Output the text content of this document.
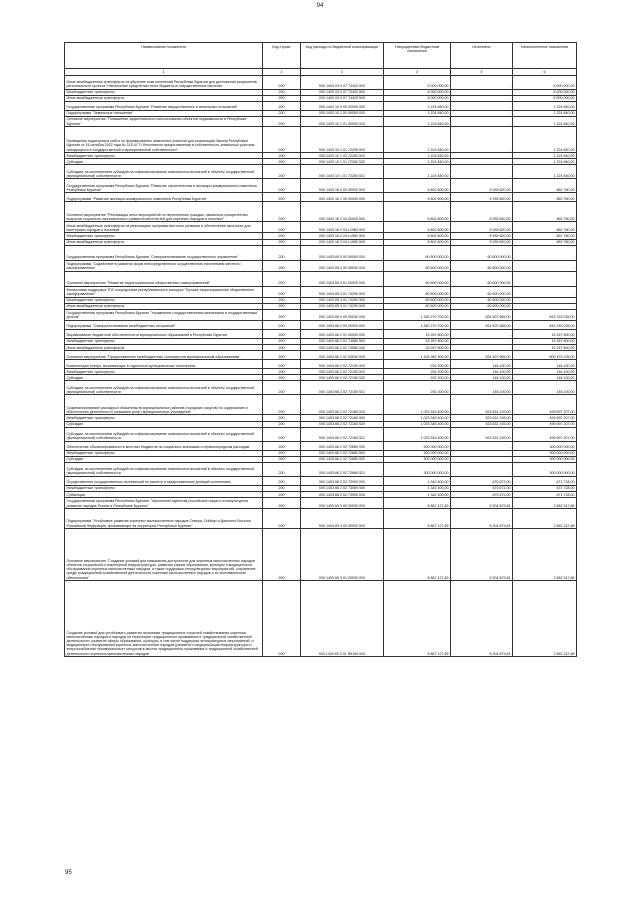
94
Наименование показателя	Код строки	Код расхода по бюджетной классификации	Утвержденные бюджетные назначения	Исполнено	Неисполненные назначения
1	2	3	4	5	6
Иные межбюджетные трансферты на обучение глав поселений Республики Бурятия для достижения результатов регионального проекта «Увеличение средств местного бюджета от имущественных налогов»	200	000 1403 03 0 07 74420 000	5 000 000,00	-	5 000 000,00
Межбюджетные трансферты	200	000 1403 03 0 07 74420 500	5 000 000,00	-	5 000 000,00
Иные межбюджетные трансферты	200	000 1403 03 0 07 74420 540	5 000 000,00	-	5 000 000,00
Государственная программа Республики Бурятия "Развитие имущественных и земельных отношений"	200	000 1403 10 0 00 00000 000	1 224 840,00	-	1 224 840,00
Подпрограмма "Земельные отношения"	200	000 1403 10 1 00 00000 000	1 224 840,00	-	1 224 840,00
Основное мероприятие "Повышение эффективности использования объектов недвижимости в Республике Бурятия"	200	000 1403 10 1 01 00000 000	1 224 840,00	-	1 224 840,00
Проведение кадастровых работ по формированию земельных участков для реализации Закона Республики Бурятия от 16 октября 2002 года № 115-III "О бесплатном предоставлении в собственность земельных участков, находящихся в государственной и муниципальной собственности"	200	000 1403 10 1 01 72250 000	1 224 840,00	-	1 224 840,00
Межбюджетные трансферты	200	000 1403 10 1 01 72250 500	1 224 840,00	-	1 224 840,00
Субсидии	200	000 1403 10 1 01 72250 520	1 224 840,00	-	1 224 840,00
Субсидии, за исключением субсидий на софинансирование капитальных вложений в объекты государственной (муниципальной) собственности	200	000 1403 10 1 01 72250 521	1 224 840,00	-	1 224 840,00
Государственная программа Республики Бурятия "Развитие строительства и жилищно-коммунального комплекса Республики Бурятия"	200	000 1403 16 0 00 00000 000	6 802 600,00	5 939 820,00	862 780,00
Подпрограмма "Развитие жилищно-коммунального комплекса Республики Бурятия"	200	000 1403 16 2 00 00000 000	6 802 600,00	5 939 820,00	862 780,00
Основное мероприятие "Реализация иных мероприятий по переселению граждан, связанных приоритетных вопросов социально-экономического развития местностей для коренных народов в поселках"	200	000 1403 16 2 04 00000 000	6 802 600,00	5 939 820,00	862 780,00
Иные межбюджетные трансферты на реализацию программ местного развития и обеспечение занятости для шахтерских городов и поселков	200	000 1403 16 2 04 L1560 000	6 802 600,00	5 939 820,00	862 780,00
Межбюджетные трансферты	200	000 1403 16 2 04 L1560 500	6 802 600,00	5 939 820,00	862 780,00
Иные межбюджетные трансферты	200	000 1403 16 2 04 L1560 540	6 802 600,00	5 939 820,00	862 780,00
Государственная программа Республики Бурятия "Совершенствование государственного управления"	200	000 1403 65 0 00 00000 000	60 600 000,00	60 600 000,00	-
Подпрограмма "Содействие в развитии форм непосредственного осуществления населением местного самоуправления"	200	000 1403 65 3 00 00000 000	60 600 000,00	60 600 000,00	-
Основное мероприятие "Развитие территориальных общественных самоуправлений"	200	000 1403 65 3 01 00000 000	60 600 000,00	60 600 000,00	-
Финансовая поддержка ТОС посредством республиканского конкурса "Лучшее территориальное общественное самоуправление"	200	000 1403 65 3 01 74290 000	60 600 000,00	60 600 000,00	-
Межбюджетные трансферты	200	000 1403 65 3 01 74290 500	60 600 000,00	60 600 000,00	-
Иные межбюджетные трансферты	200	000 1403 65 3 01 74290 540	60 600 000,00	60 600 000,00	-
Государственная программа Республики Бурятия "Управление государственными финансами и государственным долгом"	200	000 1403 66 0 00 00000 000	1 340 270 700,00	524 507 665,00	815 763 035,00
Подпрограмма "Совершенствование межбюджетных отношений"	200	000 1403 66 2 00 00000 000	1 340 270 700,00	524 507 665,00	815 763 035,00
Выравнивание бюджетной обеспеченности муниципальных образований в Республике Бурятия	200	000 1403 66 2 01 00000 000	15 267 800,00	-	15 267 800,00
Межбюджетные трансферты	200	000 1403 66 2 01 74580 500	15 267 800,00	-	15 267 800,00
Иные межбюджетные трансферты	200	000 1403 66 2 01 74580 540	15 267 800,00	-	15 267 800,00
Основное мероприятие "Предоставление межбюджетных трансфертов муниципальным образованиям"	200	000 1403 66 2 02 00000 000	1 324 982 900,00	524 507 665,00	800 475 235,00
Компенсация потерь, возникающих в отдельных муниципальных поселениях	200	000 1403 66 2 02 72150 000	292 200,00	146 100,00	146 100,00
Межбюджетные трансферты	200	000 1403 66 2 02 72150 500	292 200,00	146 100,00	146 100,00
Субсидии	200	000 1403 66 2 02 72150 520	292 200,00	146 100,00	146 100,00
Субсидии, за исключением субсидий на софинансирование капитальных вложений в объекты государственной (муниципальной) собственности	200	000 1403 66 2 02 72150 521	292 200,00	146 100,00	146 100,00
Софинансирование расходных обязательств муниципальных районов (городских округов) по содержанию и обеспечению деятельности (оказанию услуг) муниципальных учреждений	200	000 1403 66 2 02 72160 000	1 023 345 400,00	523 631 193,00	499 697 207,00
Межбюджетные трансферты	200	000 1403 66 2 02 72160 500	1 023 345 400,00	523 631 193,00	499 697 207,00
Субсидии	200	000 1403 66 2 02 72160 520	1 023 345 400,00	523 631 193,00	499 697 207,00
Субсидии, за исключением субсидий на софинансирование капитальных вложений в объекты государственной (муниципальной) собственности	200	000 1403 66 2 02 72160 521	1 023 345 400,00	523 631 193,00	499 697 207,00
Обеспечение сбалансированности местных бюджетов по социально-значимым и первоочередным расходам	200	000 1403 66 2 02 72880 000	300 000 000,00	-	300 000 000,00
Межбюджетные трансферты	200	000 1403 66 2 02 72880 500	300 000 000,00	-	300 000 000,00
Субсидии	200	000 1403 66 2 02 72880 520	300 000 000,00	-	300 000 000,00
Субсидии, за исключением субсидий на софинансирование капитальных вложений в объекты государственной (муниципальной) собственности	200	000 1403 66 2 02 72880 521	300 000 000,00	-	300 000 000,00
Осуществление государственных полномочий по расчету и предоставлению дотаций поселениям	200	000 1403 66 2 02 73090 000	1 342 400,00	670 672,00	671 728,00
Межбюджетные трансферты	200	000 1403 66 2 02 73090 500	1 342 400,00	670 672,00	671 728,00
Субвенции	200	000 1403 66 2 02 73090 530	1 342 400,00	670 672,00	671 728,00
Государственная программа Республики Бурятия "Укрепление единства российской нации и этнокультурное развитие народов России в Республике Бурятия"	200	000 1403 69 0 00 00000 000	8 867 127,69	5 304 879,81	3 562 247,88
Подпрограмма "Устойчивое развитие коренных малочисленных народов Севера, Сибири и Дальнего Востока Российской Федерации, проживающих на территории Республики Бурятия"	200	000 1403 69 3 00 00000 000	8 867 127,69	5 304 879,81	3 562 247,88
Основное мероприятие "Создание условий для повышения доступности для коренных малочисленных народов объектов социальной и инженерной инфраструктуры, развития сферы образования, культуры и медицинского обслуживания коренных малочисленных народов, а также поддержка этнокультурных мероприятий, сохранение среды традиционной хозяйственной деятельности коренных малочисленных народов и их экономического обеспечения"	200	000 1403 69 3 01 00000 000	8 867 127,69	5 304 879,81	3 562 247,88
Создание условий для устойчивого развития экономики традиционных отраслей хозяйствования коренных малочисленных народов и народов на территории традиционного проживания и традиционной хозяйственной деятельности, развитие сферы образования, культуры, в том числе поддержка этнокультурных мероприятий, и медицинского обслуживания коренных малочисленных народов (развитие и модернизация инфраструктуры и энергоснабжения «коммунальных» ресурсов в местах традиционного проживания и традиционной хозяйственной деятельности коренных малочисленных народов	200	000 1403 69 3 01 R5150 000	8 867 127,69	5 304 879,81	3 562 247,88
95
